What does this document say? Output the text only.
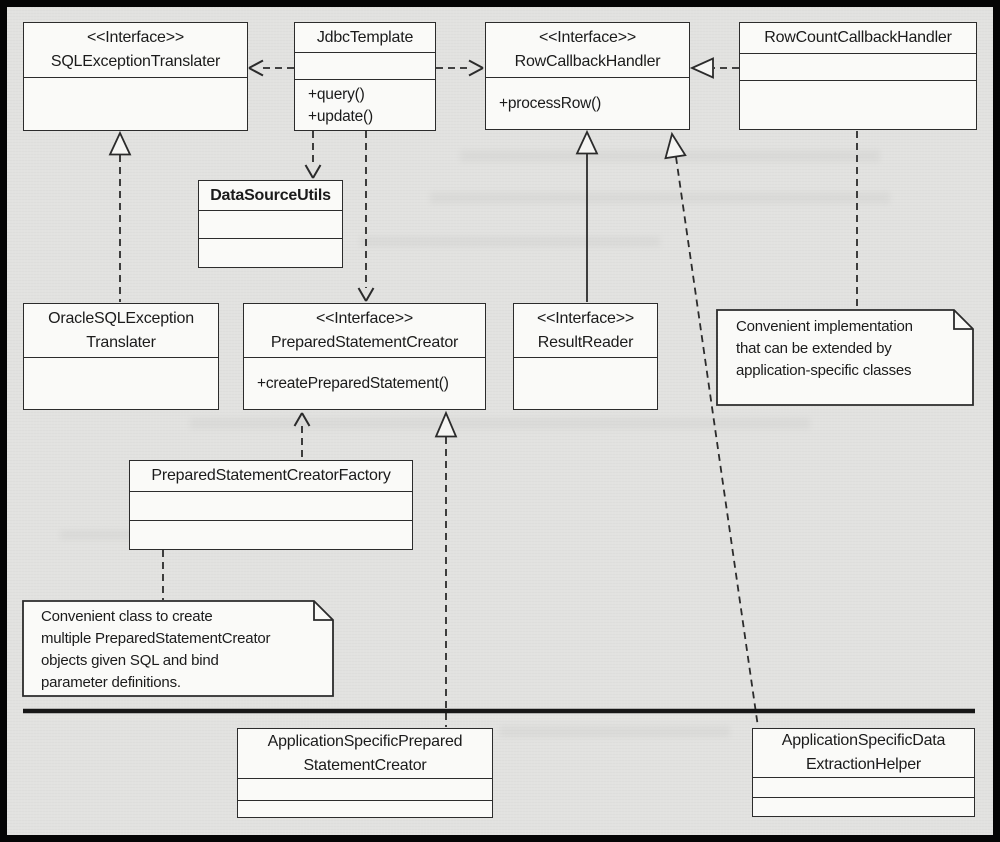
<<Interface>>
SQLExceptionTranslater
JdbcTemplate
+query()
+update()
<<Interface>>
RowCallbackHandler
+processRow()
RowCountCallbackHandler
DataSourceUtils
OracleSQLException
Translater
<<Interface>>
PreparedStatementCreator
+createPreparedStatement()
<<Interface>>
ResultReader
PreparedStatementCreatorFactory
ApplicationSpecificPrepared
StatementCreator
ApplicationSpecificData
ExtractionHelper
Convenient implementation
that can be extended by
application-specific classes
Convenient class to create
multiple PreparedStatementCreator
objects given SQL and bind
parameter definitions.
